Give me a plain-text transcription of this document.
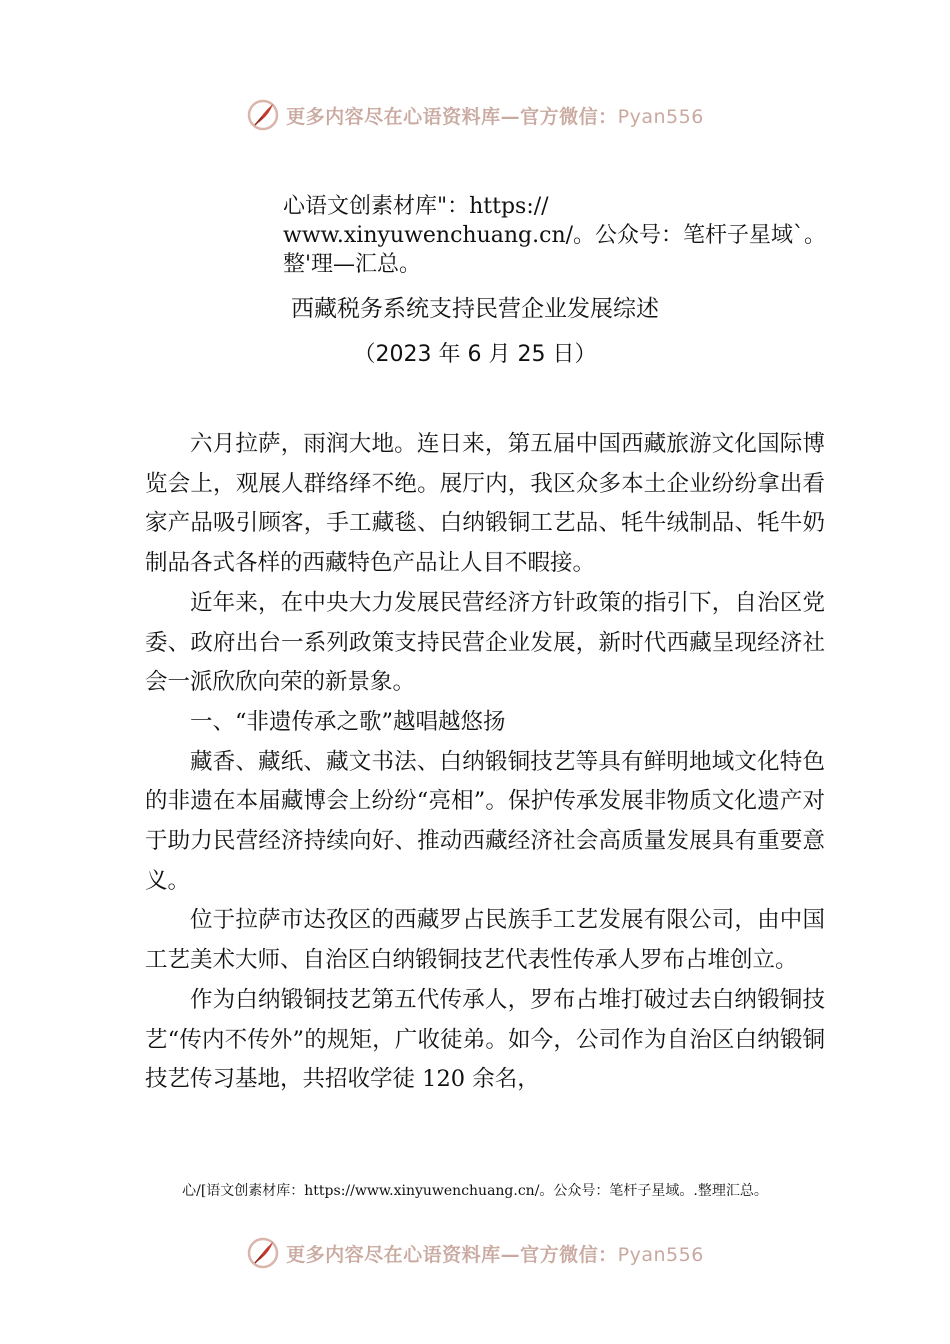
更多内容尽在心语资料库—官方微信：Pyan556
心语文创素材库"：https://
www.xinyuwenchuang.cn/。公众号：笔杆子星域`。
整'理—汇总。
西藏税务系统支持民营企业发展综述
（2023 年 6 月 25 日）

六月拉萨，雨润大地。连日来，第五届中国西藏旅游文化国际博览会上，观展人群络绎不绝。展厅内，我区众多本土企业纷纷拿出看家产品吸引顾客，手工藏毯、白纳锻铜工艺品、牦牛绒制品、牦牛奶制品各式各样的西藏特色产品让人目不暇接。

近年来，在中央大力发展民营经济方针政策的指引下，自治区党委、政府出台一系列政策支持民营企业发展，新时代西藏呈现经济社会一派欣欣向荣的新景象。

一、“非遗传承之歌”越唱越悠扬

藏香、藏纸、藏文书法、白纳锻铜技艺等具有鲜明地域文化特色的非遗在本届藏博会上纷纷“亮相”。保护传承发展非物质文化遗产对于助力民营经济持续向好、推动西藏经济社会高质量发展具有重要意义。

位于拉萨市达孜区的西藏罗占民族手工艺发展有限公司，由中国工艺美术大师、自治区白纳锻铜技艺代表性传承人罗布占堆创立。

作为白纳锻铜技艺第五代传承人，罗布占堆打破过去白纳锻铜技艺“传内不传外”的规矩，广收徒弟。如今，公司作为自治区白纳锻铜技艺传习基地，共招收学徒 120 余名，

心/[语文创素材库：https://www.xinyuwenchuang.cn/。公众号：笔杆子星域。.整理汇总。
更多内容尽在心语资料库—官方微信：Pyan556
